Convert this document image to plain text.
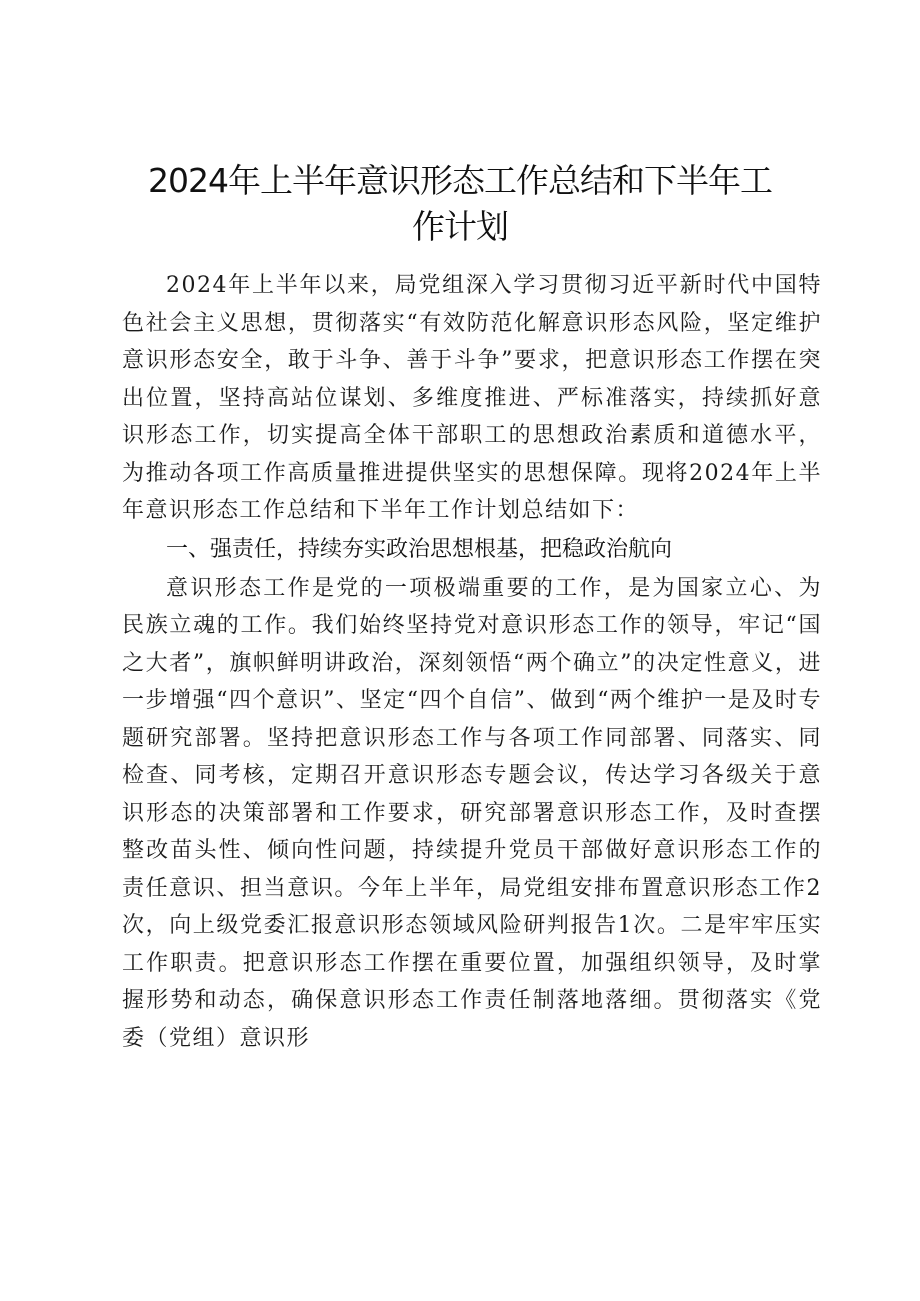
2024年上半年意识形态工作总结和下半年工
作计划

2024年上半年以来，局党组深入学习贯彻习近平新时代中国特色社会主义思想，贯彻落实“有效防范化解意识形态风险，坚定维护意识形态安全，敢于斗争、善于斗争”要求，把意识形态工作摆在突出位置，坚持高站位谋划、多维度推进、严标准落实，持续抓好意识形态工作，切实提高全体干部职工的思想政治素质和道德水平，为推动各项工作高质量推进提供坚实的思想保障。现将2024年上半年意识形态工作总结和下半年工作计划总结如下：

一、强责任，持续夯实政治思想根基，把稳政治航向

意识形态工作是党的一项极端重要的工作，是为国家立心、为民族立魂的工作。我们始终坚持党对意识形态工作的领导，牢记“国之大者”，旗帜鲜明讲政治，深刻领悟“两个确立”的决定性意义，进一步增强“四个意识”、坚定“四个自信”、做到“两个维护一是及时专题研究部署。坚持把意识形态工作与各项工作同部署、同落实、同检查、同考核，定期召开意识形态专题会议，传达学习各级关于意识形态的决策部署和工作要求，研究部署意识形态工作，及时查摆整改苗头性、倾向性问题，持续提升党员干部做好意识形态工作的责任意识、担当意识。今年上半年，局党组安排布置意识形态工作2次，向上级党委汇报意识形态领域风险研判报告1次。二是牢牢压实工作职责。把意识形态工作摆在重要位置，加强组织领导，及时掌握形势和动态，确保意识形态工作责任制落地落细。贯彻落实《党委（党组）意识形
